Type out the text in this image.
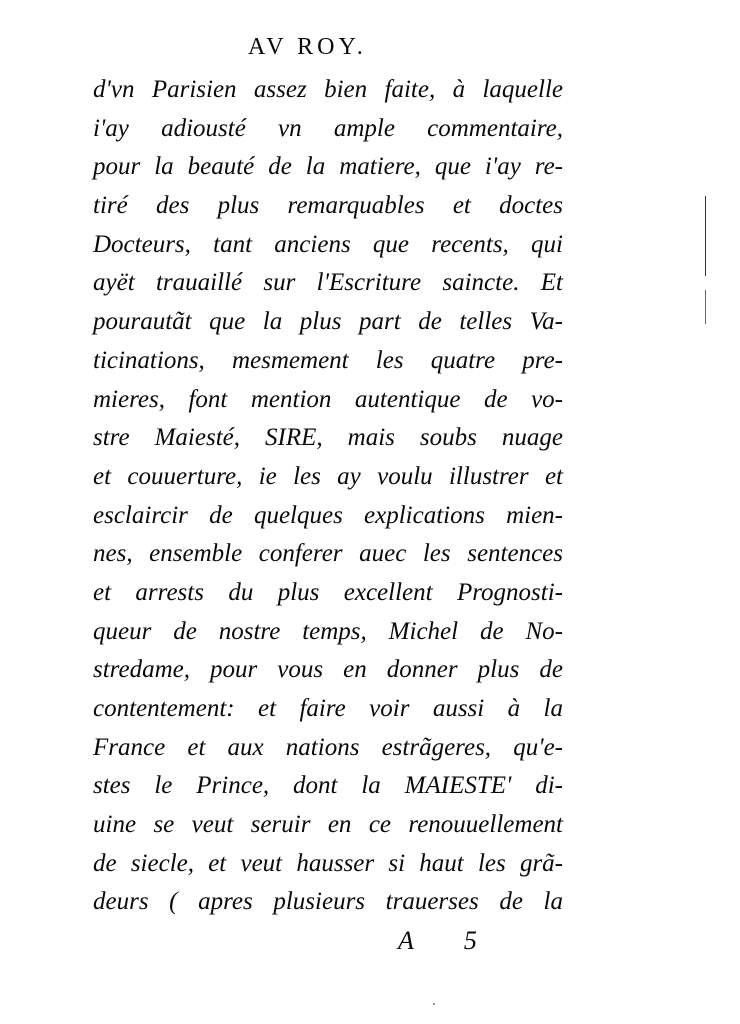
AV ROY.
d'vn Parisien assez bien faite, à laquelle
i'ay adiousté vn ample commentaire,
pour la beauté de la matiere, que i'ay re-
tiré des plus remarquables et doctes
Docteurs, tant anciens que recents, qui
ayët trauaillé sur l'Escriture saincte. Et
pourautãt que la plus part de telles Va-
ticinations, mesmement les quatre pre-
mieres, font mention autentique de vo-
stre Maiesté, SIRE, mais soubs nuage
et couuerture, ie les ay voulu illustrer et
esclaircir de quelques explications mien-
nes, ensemble conferer auec les sentences
et arrests du plus excellent Prognosti-
queur de nostre temps, Michel de No-
stredame, pour vous en donner plus de
contentement: et faire voir aussi à la
France et aux nations estrãgeres, qu'e-
stes le Prince, dont la MAIESTE' di-
uine se veut seruir en ce renouuellement
de siecle, et veut hausser si haut les grã-
deurs ( apres plusieurs trauerses de la
A 5
